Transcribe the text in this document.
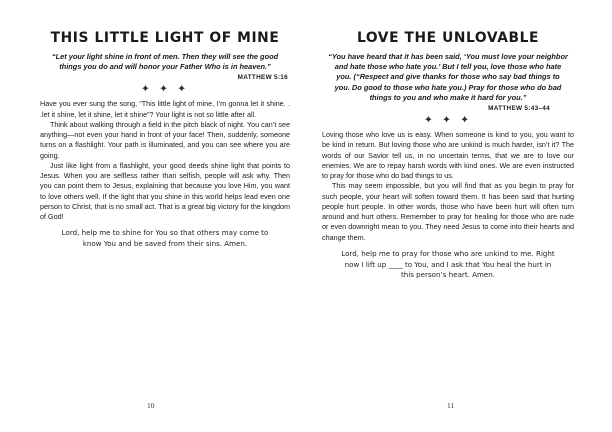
THIS LITTLE LIGHT OF MINE
“Let your light shine in front of men. Then they will see the good things you do and will honor your Father Who is in heaven.”
MATTHEW 5:16
✦ ✦ ✦

Have you ever sung the song, “This little light of mine, I’m gonna let it shine. . .let it shine, let it shine, let it shine”? Your light is not so little after all.

Think about walking through a field in the pitch black of night. You can’t see anything—not even your hand in front of your face! Then, suddenly, someone turns on a flashlight. Your path is illuminated, and you can see where you are going.

Just like light from a flashlight, your good deeds shine light that points to Jesus. When you are selfless rather than selfish, people will ask why. Then you can point them to Jesus, explaining that because you love Him, you want to love others well. If the light that you shine in this world helps lead even one person to Christ, that is no small act. That is a great big victory for the kingdom of God!

Lord, help me to shine for You so that others may come to know You and be saved from their sins. Amen.
10
LOVE THE UNLOVABLE
“You have heard that it has been said, ‘You must love your neighbor and hate those who hate you.’ But I tell you, love those who hate you. (“Respect and give thanks for those who say bad things to you. Do good to those who hate you.) Pray for those who do bad things to you and who make it hard for you.”
MATTHEW 5:43–44
✦ ✦ ✦

Loving those who love us is easy. When someone is kind to you, you want to be kind in return. But loving those who are unkind is much harder, isn’t it? The words of our Savior tell us, in no uncertain terms, that we are to love our enemies. We are to repay harsh words with kind ones. We are even instructed to pray for those who do bad things to us.

This may seem impossible, but you will find that as you begin to pray for such people, your heart will soften toward them. It has been said that hurting people hurt people. In other words, those who have been hurt will often turn around and hurt others. Remember to pray for healing for those who are rude or even downright mean to you. They need Jesus to come into their hearts and change them.

Lord, help me to pray for those who are unkind to me. Right now I lift up ____ to You, and I ask that You heal the hurt in this person’s heart. Amen.
11
